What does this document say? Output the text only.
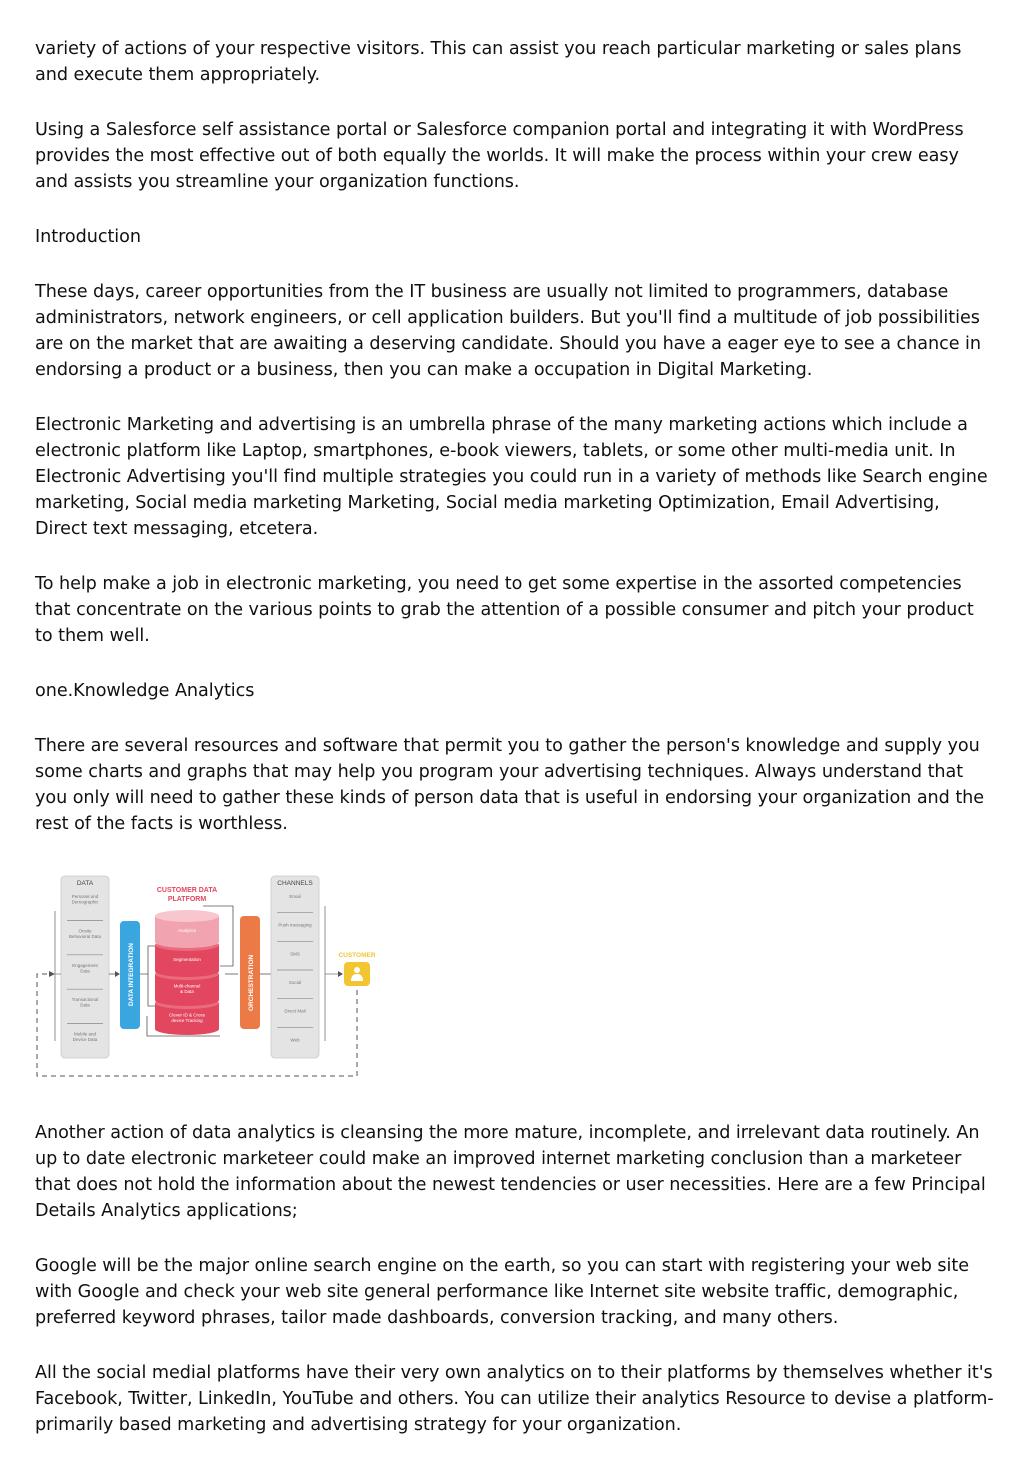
variety of actions of your respective visitors. This can assist you reach particular marketing or sales plans and execute them appropriately.

Using a Salesforce self assistance portal or Salesforce companion portal and integrating it with WordPress provides the most effective out of both equally the worlds. It will make the process within your crew easy and assists you streamline your organization functions.

Introduction

These days, career opportunities from the IT business are usually not limited to programmers, database administrators, network engineers, or cell application builders. But you'll find a multitude of job possibilities are on the market that are awaiting a deserving candidate. Should you have a eager eye to see a chance in endorsing a product or a business, then you can make a occupation in Digital Marketing.

Electronic Marketing and advertising is an umbrella phrase of the many marketing actions which include a electronic platform like Laptop, smartphones, e-book viewers, tablets, or some other multi-media unit. In Electronic Advertising you'll find multiple strategies you could run in a variety of methods like Search engine marketing, Social media marketing Marketing, Social media marketing Optimization, Email Advertising, Direct text messaging, etcetera.

To help make a job in electronic marketing, you need to get some expertise in the assorted competencies that concentrate on the various points to grab the attention of a possible consumer and pitch your product to them well.

one.Knowledge Analytics

There are several resources and software that permit you to gather the person's knowledge and supply you some charts and graphs that may help you program your advertising techniques. Always understand that you only will need to gather these kinds of person data that is useful in endorsing your organization and the rest of the facts is worthless.

DATA
Personal and Demographic
Onsite Behavioral Data
Engagement Data
Transactional Data
Mobile and Device Data
DATA INTEGRATION
CUSTOMER DATA
PLATFORM
Clever ID & Cross device Tracking
Multi-channel & Data
Segmentation
Analytics
ORCHESTRATION
CHANNELS
Email
Push messaging
SMS
Social
Direct Mail
Web
CUSTOMER

Another action of data analytics is cleansing the more mature, incomplete, and irrelevant data routinely. An up to date electronic marketeer could make an improved internet marketing conclusion than a marketeer that does not hold the information about the newest tendencies or user necessities. Here are a few Principal Details Analytics applications;

Google will be the major online search engine on the earth, so you can start with registering your web site with Google and check your web site general performance like Internet site website traffic, demographic, preferred keyword phrases, tailor made dashboards, conversion tracking, and many others.

All the social medial platforms have their very own analytics on to their platforms by themselves whether it's Facebook, Twitter, LinkedIn, YouTube and others. You can utilize their analytics Resource to devise a platform-primarily based marketing and advertising strategy for your organization.
